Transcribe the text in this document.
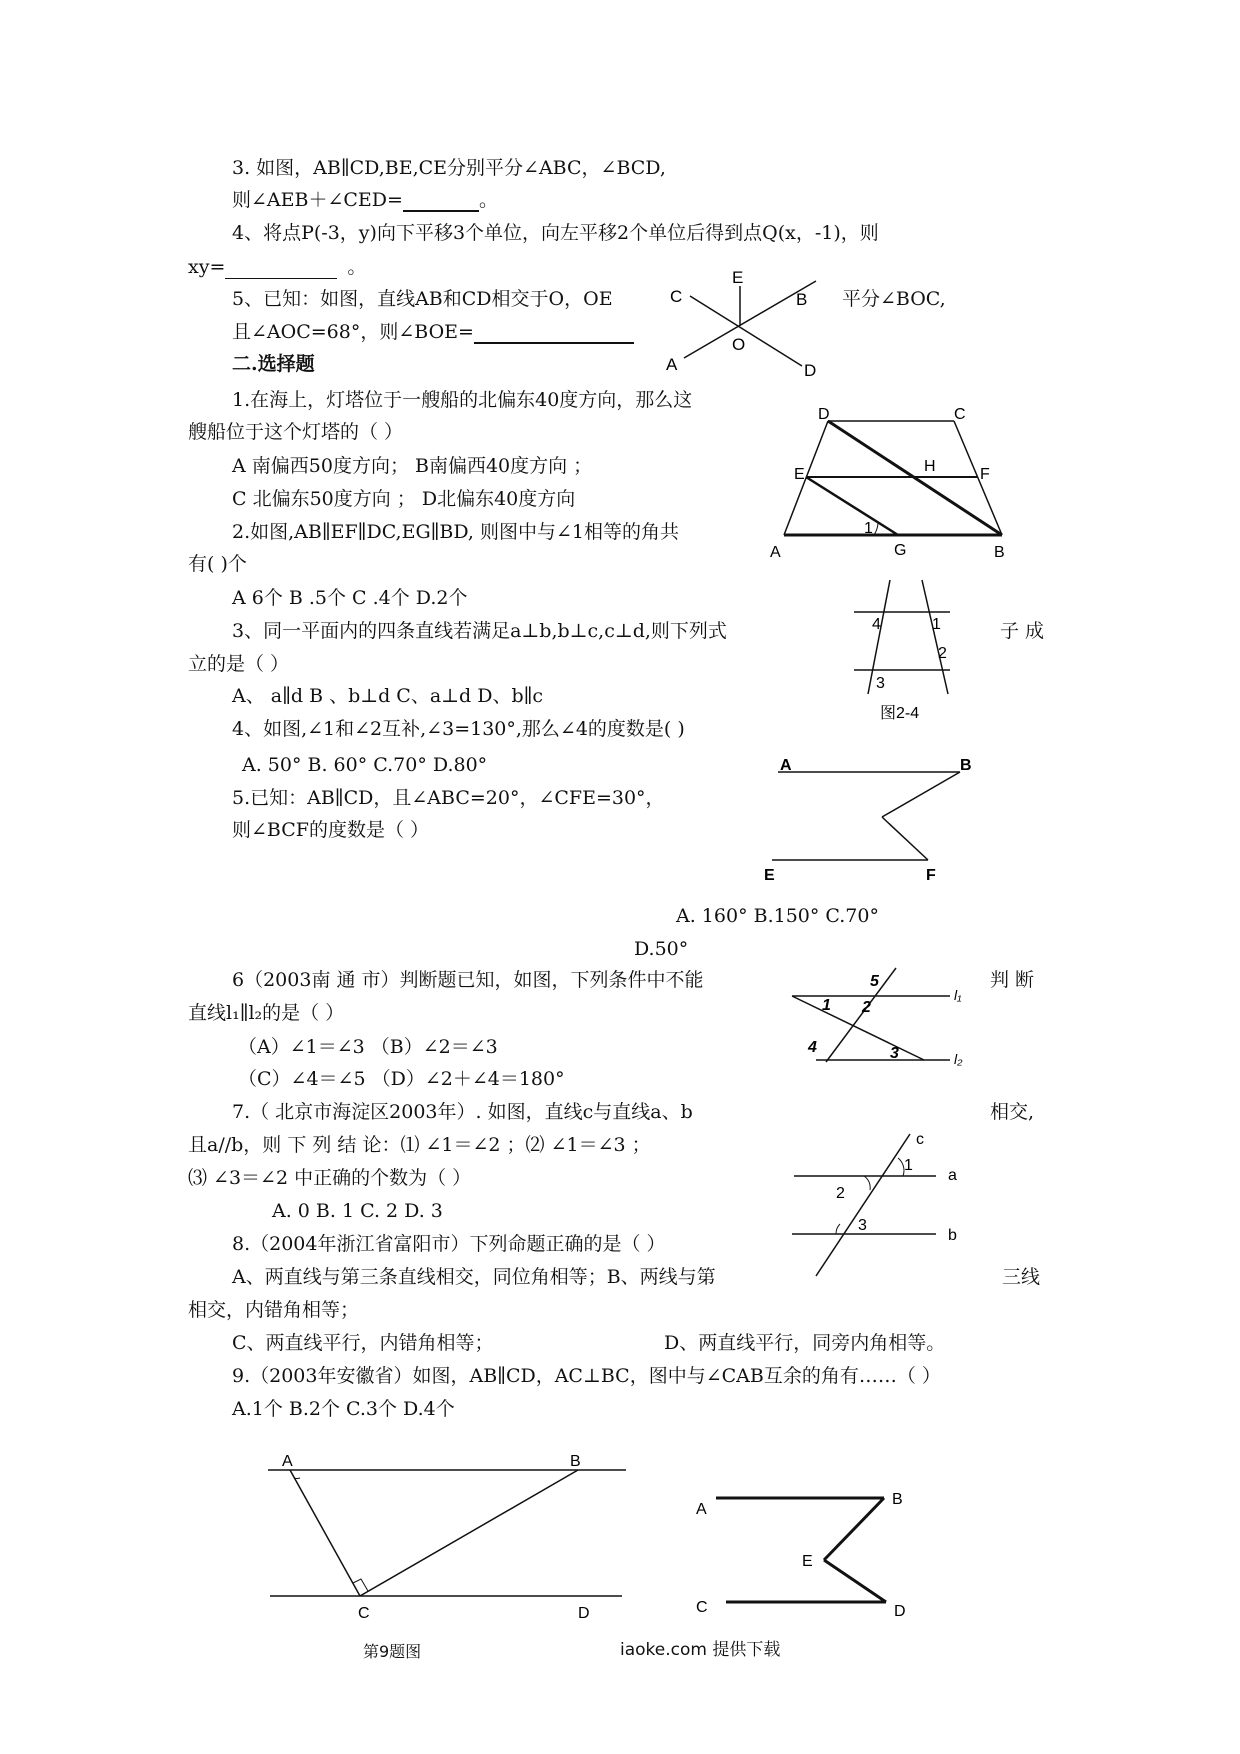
3. 如图，AB∥CD,BE,CE分别平分∠ABC，∠BCD,
则∠AEB＋∠CED=	。
4、将点P(-3，y)向下平移3个单位，向左平移2个单位后得到点Q(x，-1)，则
xy=	。
5、已知：如图，直线AB和CD相交于O，OE	平分∠BOC,
且∠AOC=68°，则∠BOE=
C
E
B
A
O
D
二.选择题
1.在海上，灯塔位于一艘船的北偏东40度方向，那么这
艘船位于这个灯塔的（ ）
A 南偏西50度方向； B南偏西40度方向 ；
C 北偏东50度方向 ； D北偏东40度方向
2.如图,AB∥EF∥DC,EG∥BD, 则图中与∠1相等的角共
有( )个
A 6个 B .5个 C .4个 D.2个
D	C
E	H	F
1
A	G	B
3、同一平面内的四条直线若满足a⊥b,b⊥c,c⊥d,则下列式	子 成
立的是（ ）
A、 a∥d B 、b⊥d C、a⊥d D、b∥c
4	1
2
3
图2-4
4、如图,∠1和∠2互补,∠3=130°,那么∠4的度数是( )
A. 50° B. 60° C.70° D.80°
5.已知：AB∥CD，且∠ABC=20°，∠CFE=30°，
则∠BCF的度数是（ ）
A	B
E	F
A. 160° B.150° C.70°
D.50°
6（2003南 通 市）判断题已知，如图，下列条件中不能	判 断
直线l₁∥l₂的是（ ）
（A）∠1＝∠3 （B）∠2＝∠3
（C）∠4＝∠5 （D）∠2＋∠4＝180°
1 2
5
4	3
l₁
l₂
7.（ 北京市海淀区2003年）. 如图，直线c与直线a、b	相交,
且a//b，则 下 列 结 论：⑴ ∠1＝∠2 ；⑵ ∠1＝∠3 ；
⑶ ∠3＝∠2 中正确的个数为（ ）
A. 0 B. 1 C. 2 D. 3
c
a
b
1
2
3
8.（2004年浙江省富阳市）下列命题正确的是（ ）
A、两直线与第三条直线相交，同位角相等；B、两线与第	三线
相交，内错角相等；
C、两直线平行，内错角相等；	D、两直线平行，同旁内角相等。
9.（2003年安徽省）如图，AB∥CD，AC⊥BC，图中与∠CAB互余的角有……（ ）
A.1个 B.2个 C.3个 D.4个
A	B
C	D
第9题图
A
B
E
C	D
iaoke.com 提供下载
